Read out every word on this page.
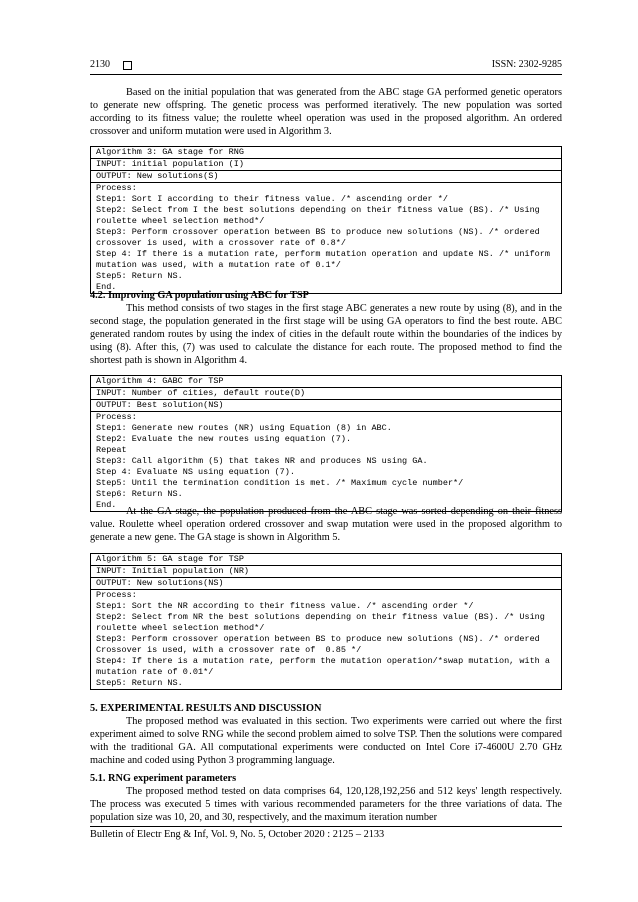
2130	ISSN: 2302-9285
Based on the initial population that was generated from the ABC stage GA performed genetic operators to generate new offspring. The genetic process was performed iteratively. The new population was sorted according to its fitness value; the roulette wheel operation was used in the proposed algorithm. An ordered crossover and uniform mutation were used in Algorithm 3.
Algorithm 3: GA stage for RNG
INPUT: initial population (I)
OUTPUT: New solutions(S)
Process:
Step1: Sort I according to their fitness value. /* ascending order */
Step2: Select from I the best solutions depending on their fitness value (BS). /* Using roulette wheel selection method*/
Step3: Perform crossover operation between BS to produce new solutions (NS). /* ordered crossover is used, with a crossover rate of 0.8*/
Step 4: If there is a mutation rate, perform mutation operation and update NS. /* uniform mutation was used, with a mutation rate of 0.1*/
Step5: Return NS.
End.
4.2. Improving GA population using ABC for TSP
This method consists of two stages in the first stage ABC generates a new route by using (8), and in the second stage, the population generated in the first stage will be using GA operators to find the best route. ABC generated random routes by using the index of cities in the default route within the boundaries of the indices by using (8). After this, (7) was used to calculate the distance for each route. The proposed method to find the shortest path is shown in Algorithm 4.
Algorithm 4: GABC for TSP
INPUT: Number of cities, default route(D)
OUTPUT: Best solution(NS)
Process:
Step1: Generate new routes (NR) using Equation (8) in ABC.
Step2: Evaluate the new routes using equation (7).
Repeat
Step3: Call algorithm (5) that takes NR and produces NS using GA.
Step 4: Evaluate NS using equation (7).
Step5: Until the termination condition is met. /* Maximum cycle number*/
Step6: Return NS.
End.
At the GA stage, the population produced from the ABC stage was sorted depending on their fitness value. Roulette wheel operation ordered crossover and swap mutation were used in the proposed algorithm to generate a new gene. The GA stage is shown in Algorithm 5.
Algorithm 5: GA stage for TSP
INPUT: Initial population (NR)
OUTPUT: New solutions(NS)
Process:
Step1: Sort the NR according to their fitness value. /* ascending order */
Step2: Select from NR the best solutions depending on their fitness value (BS). /* Using roulette wheel selection method*/
Step3: Perform crossover operation between BS to produce new solutions (NS). /* ordered Crossover is used, with a crossover rate of  0.85 */
Step4: If there is a mutation rate, perform the mutation operation/*swap mutation, with a mutation rate of 0.01*/
Step5: Return NS.
5. EXPERIMENTAL RESULTS AND DISCUSSION
The proposed method was evaluated in this section. Two experiments were carried out where the first experiment aimed to solve RNG while the second problem aimed to solve TSP. Then the solutions were compared with the traditional GA. All computational experiments were conducted on Intel Core i7-4600U 2.70 GHz machine and coded using Python 3 programming language.
5.1. RNG experiment parameters
The proposed method tested on data comprises 64, 120,128,192,256 and 512 keys' length respectively. The process was executed 5 times with various recommended parameters for the three variations of data. The population size was 10, 20, and 30, respectively, and the maximum iteration number
Bulletin of Electr Eng & Inf, Vol. 9, No. 5, October 2020 : 2125 – 2133
